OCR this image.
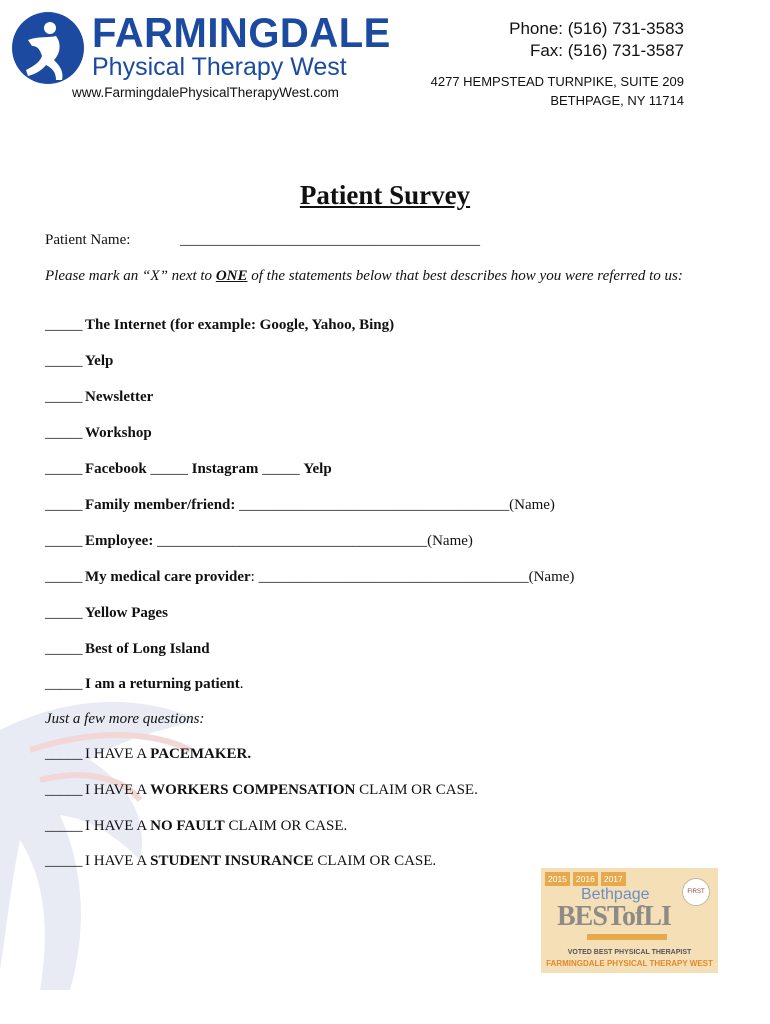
FARMINGDALE
Physical Therapy West
www.FarmingdalePhysicalTherapyWest.com
Phone: (516) 731-3583
Fax: (516) 731-3587
4277 HEMPSTEAD TURNPIKE, SUITE 209
BETHPAGE, NY 11714
Patient Survey
Patient Name:	________________________________________
Please mark an “X” next to ONE of the statements below that best describes how you were referred to us:
_____ The Internet (for example: Google, Yahoo, Bing)
_____ Yelp
_____ Newsletter
_____ Workshop
_____ Facebook _____ Instagram _____ Yelp
_____ Family member/friend: ____________________________________(Name)
_____ Employee: ____________________________________(Name)
_____ My medical care provider: ____________________________________(Name)
_____ Yellow Pages
_____ Best of Long Island
_____ I am a returning patient.
Just a few more questions:
_____ I HAVE A PACEMAKER.
_____ I HAVE A WORKERS COMPENSATION CLAIM OR CASE.
_____ I HAVE A NO FAULT CLAIM OR CASE.
_____ I HAVE A STUDENT INSURANCE CLAIM OR CASE.
2015	2016	2017
Bethpage	FIRST
BESTofLI
VOTED BEST PHYSICAL THERAPIST
FARMINGDALE PHYSICAL THERAPY WEST
